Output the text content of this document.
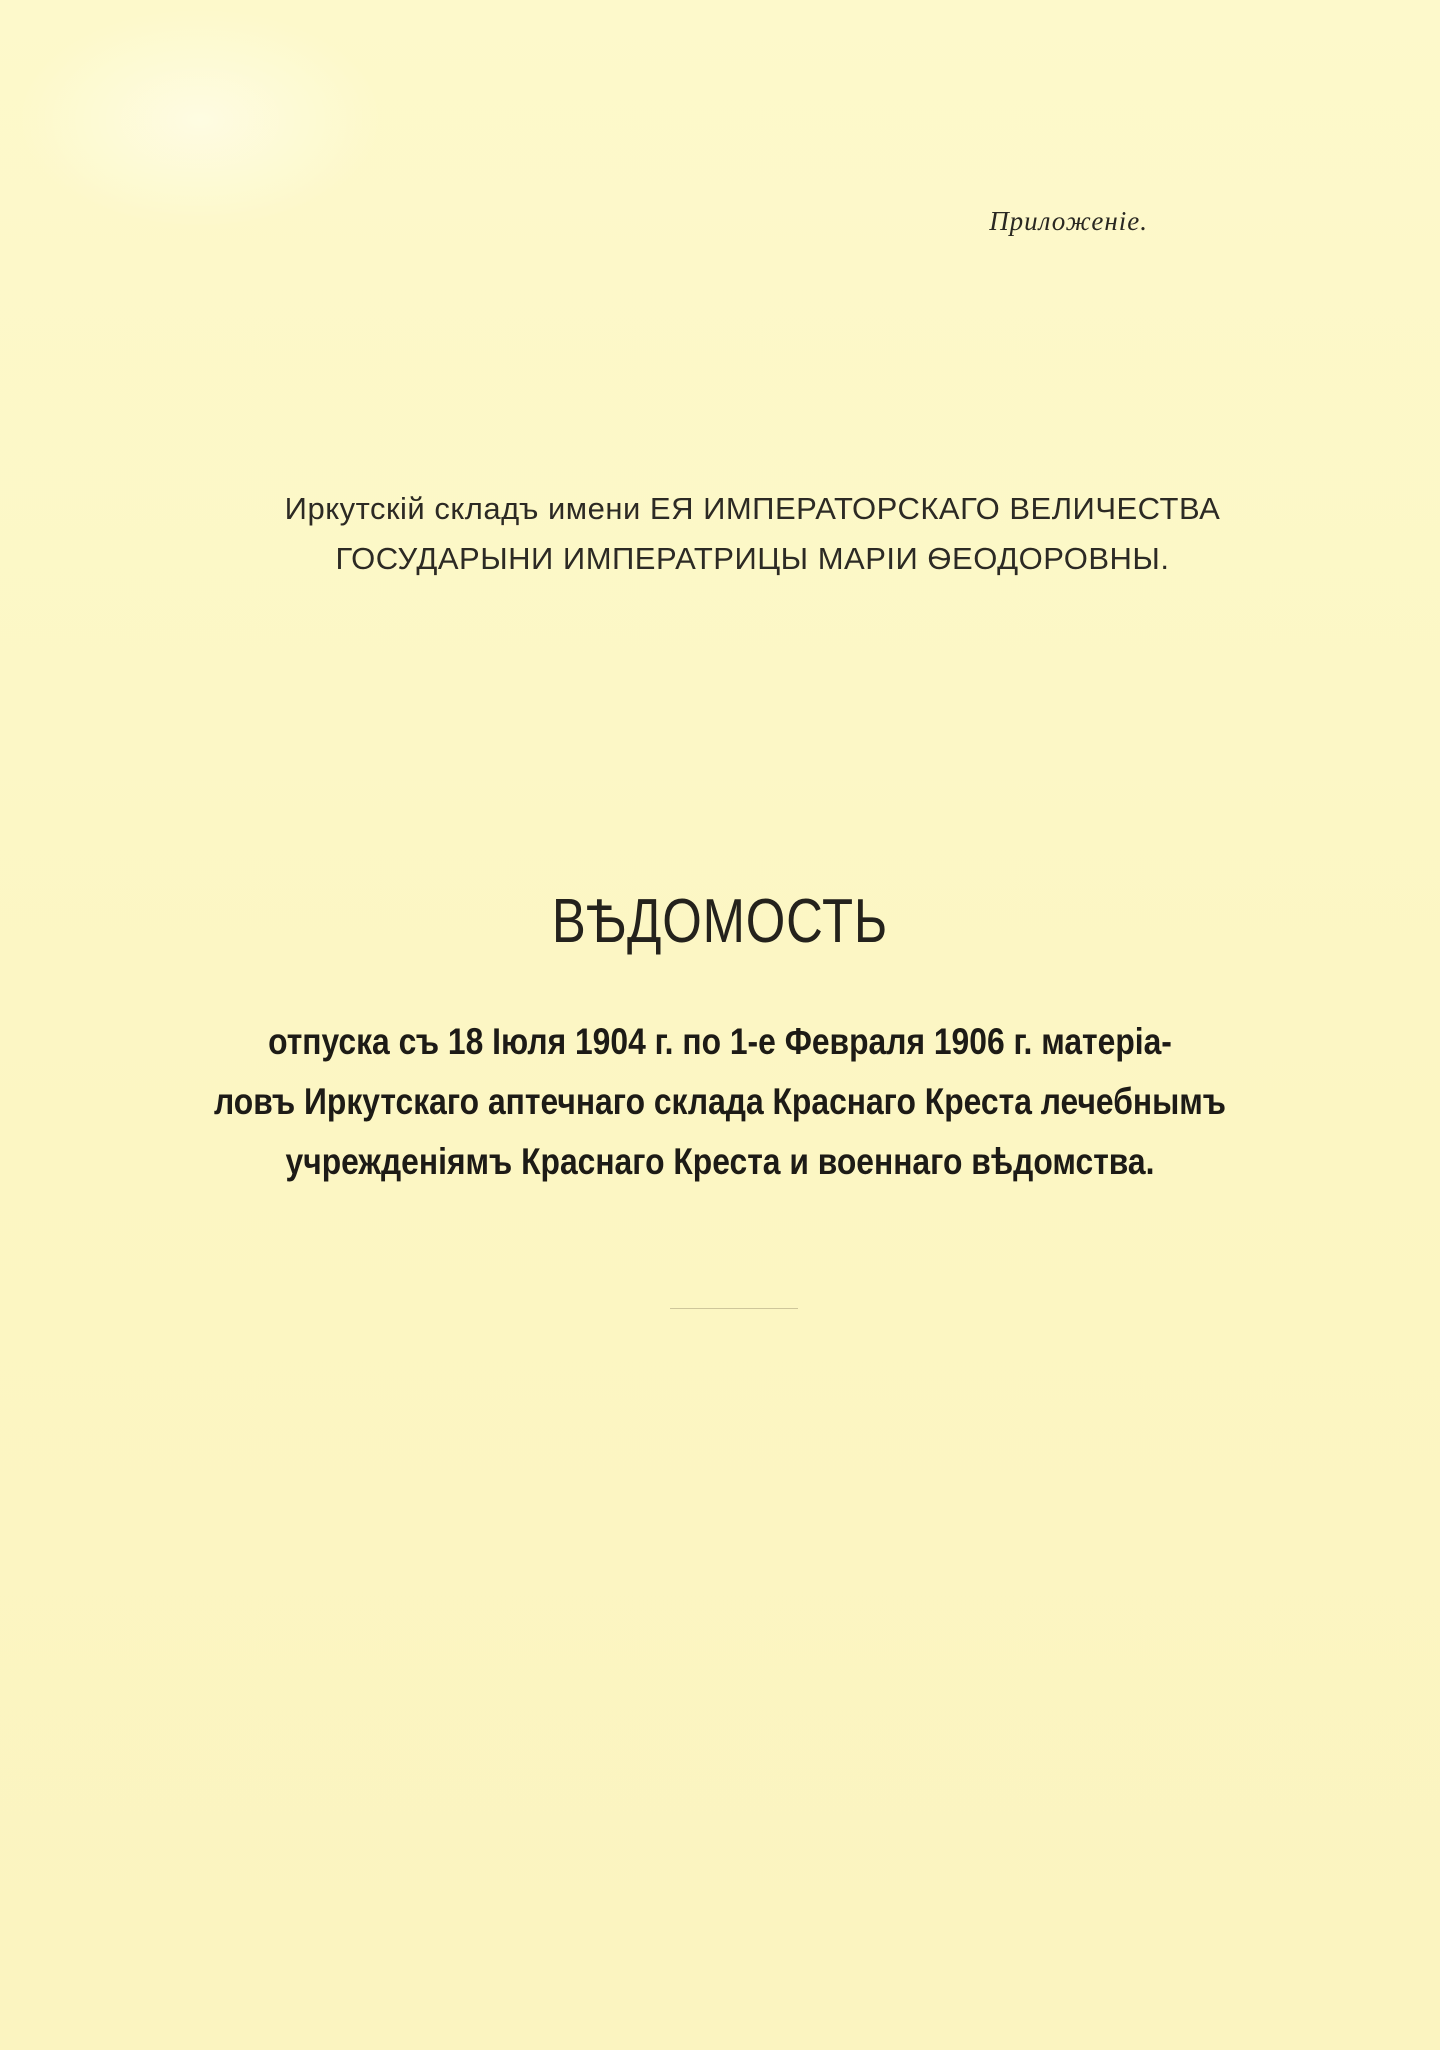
Приложенiе.
Иркутскiй складъ имени ЕЯ ИМПЕРАТОРСКАГО ВЕЛИЧЕСТВА
ГОСУДАРЫНИ ИМПЕРАТРИЦЫ МАРIИ ѲЕОДОРОВНЫ.
ВѢДОМОСТЬ
отпуска съ 18 Iюля 1904 г. по 1-е Февраля 1906 г. матерiа-
ловъ Иркутскаго аптечнаго склада Краснаго Креста лечебнымъ
учрежденiямъ Краснаго Креста и военнаго вѣдомства.
